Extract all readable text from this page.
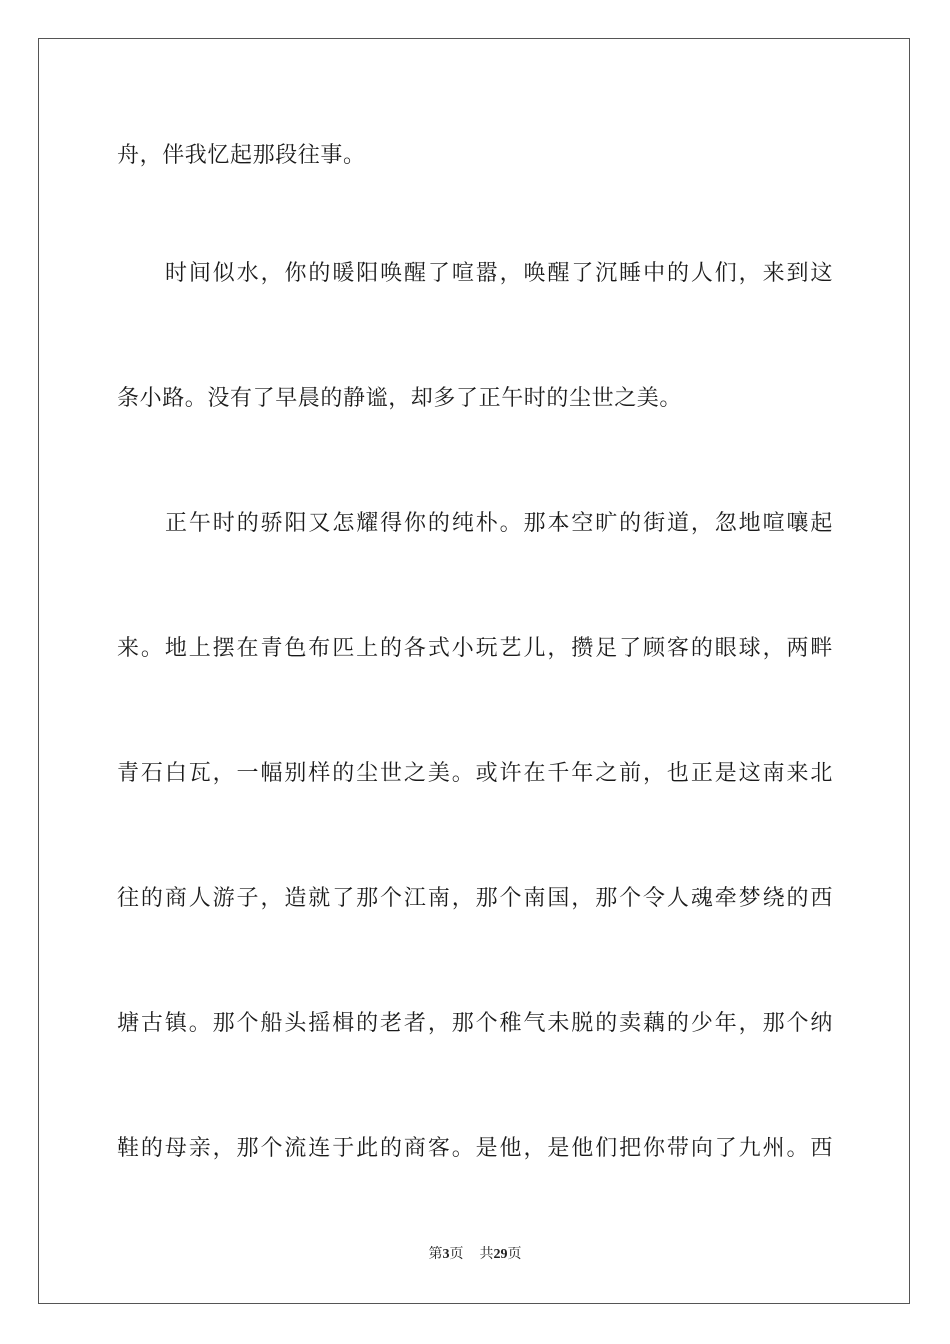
舟，伴我忆起那段往事。
时间似水，你的暖阳唤醒了喧嚣，唤醒了沉睡中的人们，来到这
条小路。没有了早晨的静谧，却多了正午时的尘世之美。
正午时的骄阳又怎耀得你的纯朴。那本空旷的街道，忽地喧嚷起
来。地上摆在青色布匹上的各式小玩艺儿，攒足了顾客的眼球，两畔
青石白瓦，一幅别样的尘世之美。或许在千年之前，也正是这南来北
往的商人游子，造就了那个江南，那个南国，那个令人魂牵梦绕的西
塘古镇。那个船头摇楫的老者，那个稚气未脱的卖藕的少年，那个纳
鞋的母亲，那个流连于此的商客。是他，是他们把你带向了九州。西
第3页 共29页
